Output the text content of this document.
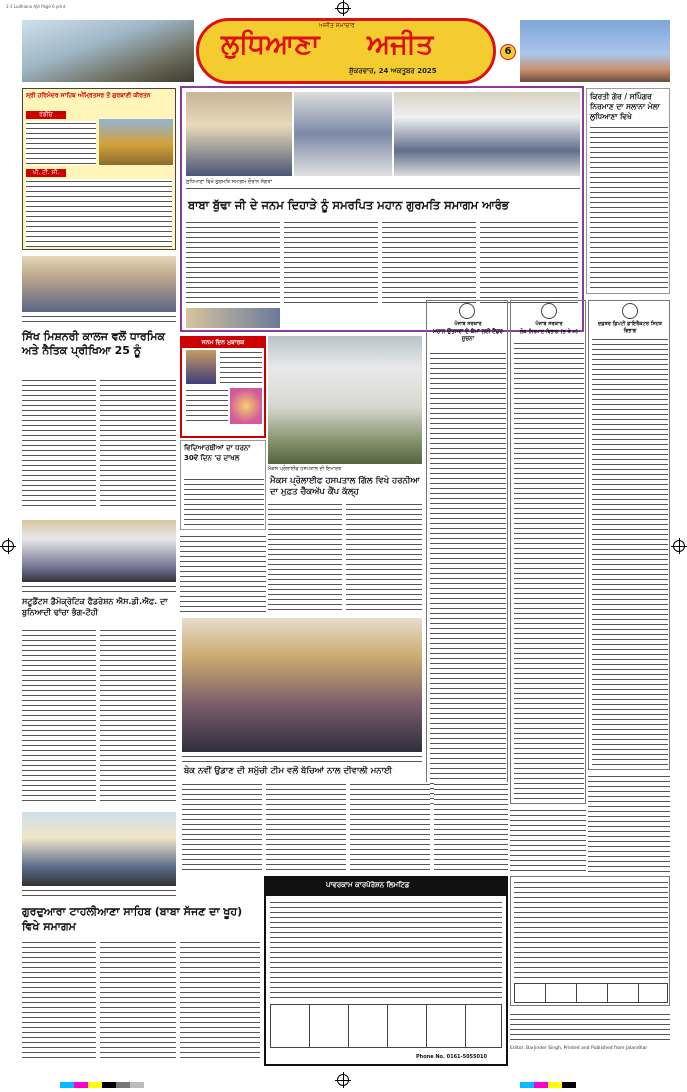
1-1 Ludhiana Ajit Page 6 print
ਅਜੀਤ ਸਮਾਚਾਰ
ਲੁਧਿਆਣਾ ਅਜੀਤ
ਸ਼ੁੱਕਰਵਾਰ, 24 ਅਕਤੂਬਰ 2025
6
ਸ੍ਰੀ ਹਰਿਮੰਦਰ ਸਾਹਿਬ ਅੰਮ੍ਰਿਤਸਰ ਤੋਂ ਗੁਰਬਾਣੀ ਕੀਰਤਨ
ਰੇਡੀਓ
ਪੀ. ਟੀ. ਸੀ.
ਲੁਧਿਆਣਾ ਵਿਖੇ ਗੁਰਮਤਿ ਸਮਾਗਮ ਦੌਰਾਨ ਸੰਗਤਾਂ
ਬਾਬਾ ਬੁੱਢਾ ਜੀ ਦੇ ਜਨਮ ਦਿਹਾੜੇ ਨੂੰ ਸਮਰਪਿਤ ਮਹਾਨ ਗੁਰਮਤਿ ਸਮਾਗਮ ਆਰੰਭ
ਕਿਰਤੀ ਗੋਰ / ਸਪਿੰਗਰ ਨਿਰਮਾਣ ਦਾ ਸਲਾਨਾ ਮੇਲਾ ਲੁਧਿਆਣਾ ਵਿਖੇ
ਸਿੱਖ ਮਿਸ਼ਨਰੀ ਕਾਲਜ ਵਲੋਂ ਧਾਰਮਿਕ ਅਤੇ ਨੈਤਿਕ ਪ੍ਰੀਖਿਆ 25 ਨੂੰ
ਜਨਮ ਦਿਨ ਮੁਬਾਰਕ
ਵਿਦਿਆਰਥੀਆਂ ਦਾ ਧਰਨਾ 30ਵੇਂ ਦਿਨ 'ਚ ਦਾਖਲ
ਮੈਕਸ ਪ੍ਰੋਲਾਈਫ ਹਸਪਤਾਲ ਦੀ ਇਮਾਰਤ
ਮੈਕਸ ਪ੍ਰੋਲਾਈਫ ਹਸਪਤਾਲ ਗਿੱਲ ਵਿਖੇ ਹਰਨੀਆ ਦਾ ਮੁਫ਼ਤ ਚੈੱਕਅੱਪ ਕੈਂਪ ਕੱਲ੍ਹ
ਪੰਜਾਬ ਸਰਕਾਰ
ਮਹਾਨ ਉਤਸਵਾਂ ਦੇ ਕੰਮਾਂ ਲਈ ਟੈਂਡਰ ਸੂਚਨਾ
ਪੰਜਾਬ ਸਰਕਾਰ
ਲੋਕ ਨਿਰਮਾਣ ਵਿਭਾਗ (ਭ ਤੇ ਮ)
ਦਫ਼ਤਰ ਡਿਪਟੀ ਡਾਇਰੈਕਟਰ ਸਿਹਤ ਵਿਭਾਗ
ਸਟੂਡੈਂਟਸ ਡੈਮੋਕ੍ਰੇਟਿਕ ਫੈਡਰੇਸ਼ਨ ਐਸ.ਡੀ.ਐਫ. ਦਾ ਬੁਨਿਆਦੀ ਢਾਂਚਾ ਭੰਗ-ਟੌਹੀ
ਬੇਕ ਨਵੀਂ ਉਡਾਣ ਦੀ ਸਮੁੱਚੀ ਟੀਮ ਵਲੋਂ ਬੱਚਿਆਂ ਨਾਲ ਦੀਵਾਲੀ ਮਨਾਈ
ਗੁਰਦੁਆਰਾ ਟਾਹਲੀਆਣਾ ਸਾਹਿਬ (ਬਾਬਾ ਸੱਜਣ ਦਾ ਖੂਹ) ਵਿਖੇ ਸਮਾਗਮ
ਪਾਵਰਕਾਮ ਕਾਰਪੋਰੇਸ਼ਨ ਲਿਮਟਿਡ
Phone No. 0161-5055010
Editor: Barjinder Singh, Printed and Published from Jalandhar
